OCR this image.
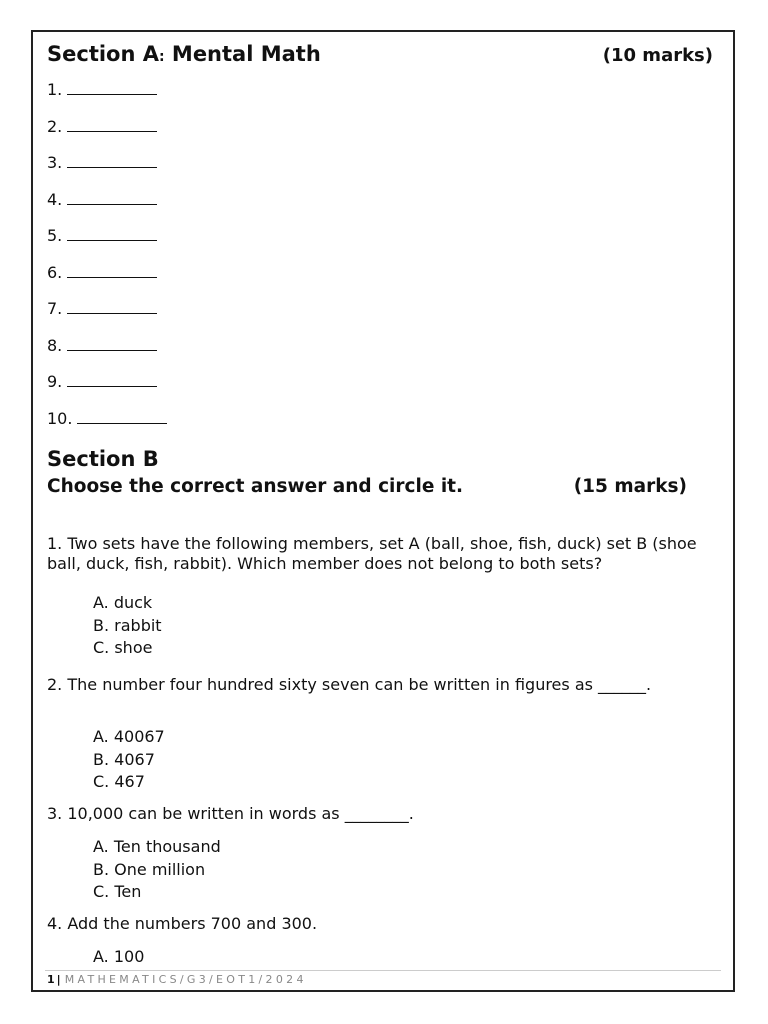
Section A: Mental Math	(10 marks)
1.
2.
3.
4.
5.
6.
7.
8.
9.
10.
Section B
(15 marks)
Choose the correct answer and circle it.
1. Two sets have the following members, set A (ball, shoe, fish, duck) set B (shoe ball, duck, fish, rabbit). Which member does not belong to both sets?
A. duck
B. rabbit
C. shoe
2. The number four hundred sixty seven can be written in figures as ______.
A. 40067
B. 4067
C. 467
3. 10,000 can be written in words as ________.
A. Ten thousand
B. One million
C. Ten
4. Add the numbers 700 and 300.
A. 100
1 | MATHEMATICS/G3/EOT1/2024
